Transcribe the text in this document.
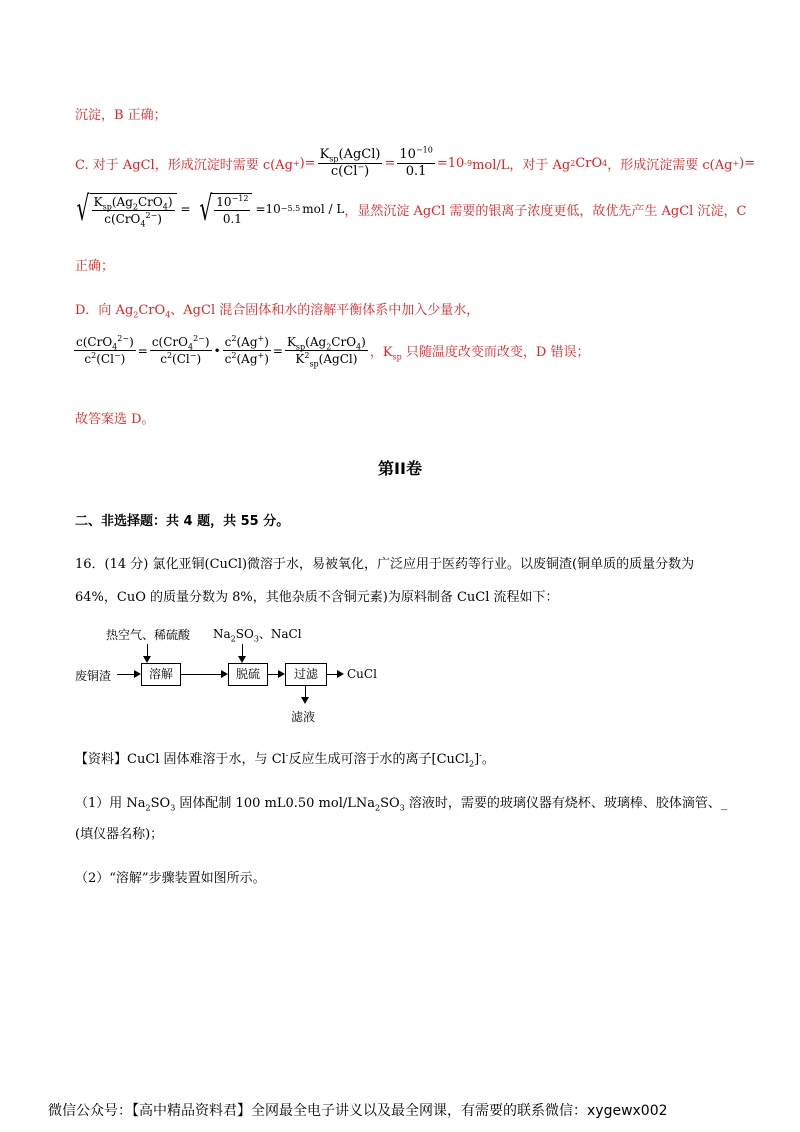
沉淀，B 正确；
C. 对于 AgCl，形成沉淀时需要 c(Ag + )= $\frac{K_{sp}(AgCl)}{c(Cl^-)} = \frac{10^{-10}}{0.1} =10$ -9 mol/L，对于 Ag 2 CrO 4 ，形成沉淀需要 c(Ag + )=
√ $\frac{K_{sp}(Ag_2CrO_4)}{c(CrO_4^{2-})}$ = √ $\frac{10^{-12}}{0.1} =10 -5.5$ mol / L ，显然沉淀 AgCl 需要的银离子浓度更低，故优先产生 AgCl 沉淀，C
正确；
D．向 $Ag_2CrO_4$、AgCl 混合固体和水的溶解平衡体系中加入少量水，
$\frac{c(CrO_4^{2-})}{c^2(Cl^-)} = \frac{c(CrO_4^{2-})}{c^2(Cl^-)}$ • $\frac{c^2(Ag^+)}{c^2(Ag^+)} = \frac{K_{sp}(Ag_2CrO_4)}{K^2_{sp}(AgCl)}$ ，$K_{sp}$ 只随温度改变而改变，D 错误；
故答案选 D。
第II卷
二、非选择题：共 4 题，共 55 分。
16．(14 分) 氯化亚铜(CuCl)微溶于水，易被氧化，广泛应用于医药等行业。以废铜渣(铜单质的质量分数为
64%，CuO 的质量分数为 8%，其他杂质不含铜元素)为原料制备 CuCl 流程如下：
热空气、稀硫酸 $Na_2SO_3$、NaCl
废铜渣	溶解	脱硫	过滤	CuCl
滤液
【资料】CuCl 固体难溶于水，与 Cl-反应生成可溶于水的离子[CuCl$_2$]-。
（1）用 $Na_2SO_3$ 固体配制 100 mL0.50 mol/$LNa_2SO_3$ 溶液时，需要的玻璃仪器有烧杯、玻璃棒、胶体滴管、_
(填仪器名称)；
（2）“溶解”步骤装置如图所示。
微信公众号：【高中精品资料君】全网最全电子讲义以及最全网课，有需要的联系微信：xygewx002
